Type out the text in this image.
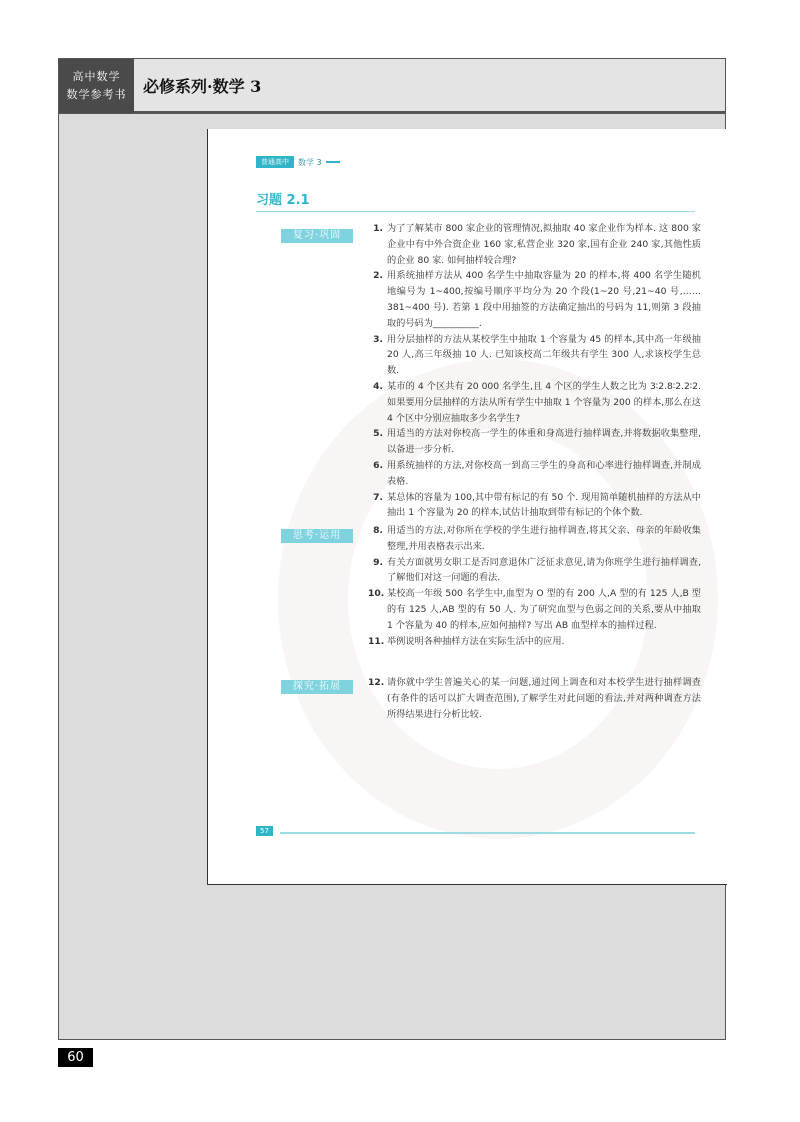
高中数学
数学参考书	必修系列·数学 3
普通高中	数学 3
习题 2.1
复习·巩固
1. 为了了解某市 800 家企业的管理情况,拟抽取 40 家企业作为样本. 这 800 家企业中有中外合资企业 160 家,私营企业 320 家,国有企业 240 家,其他性质的企业 80 家. 如何抽样较合理?
2. 用系统抽样方法从 400 名学生中抽取容量为 20 的样本,将 400 名学生随机地编号为 1~400,按编号顺序平均分为 20 个段(1~20 号,21~40 号,……381~400 号). 若第 1 段中用抽签的方法确定抽出的号码为 11,则第 3 段抽取的号码为__________.
3. 用分层抽样的方法从某校学生中抽取 1 个容量为 45 的样本,其中高一年级抽 20 人,高三年级抽 10 人. 已知该校高二年级共有学生 300 人,求该校学生总数.
4. 某市的 4 个区共有 20 000 名学生,且 4 个区的学生人数之比为 3∶2.8∶2.2∶2. 如果要用分层抽样的方法从所有学生中抽取 1 个容量为 200 的样本,那么在这 4 个区中分别应抽取多少名学生?
5. 用适当的方法对你校高一学生的体重和身高进行抽样调查,并将数据收集整理,以备进一步分析.
6. 用系统抽样的方法,对你校高一到高三学生的身高和心率进行抽样调查,并制成表格.
7. 某总体的容量为 100,其中带有标记的有 50 个. 现用简单随机抽样的方法从中抽出 1 个容量为 20 的样本,试估计抽取到带有标记的个体个数.
思考·运用	8. 用适当的方法,对你所在学校的学生进行抽样调查,将其父亲、母亲的年龄收集整理,并用表格表示出来.
9. 有关方面就男女职工是否同意退休广泛征求意见,请为你班学生进行抽样调查,了解他们对这一问题的看法.
10. 某校高一年级 500 名学生中,血型为 O 型的有 200 人,A 型的有 125 人,B 型的有 125 人,AB 型的有 50 人. 为了研究血型与色弱之间的关系,要从中抽取 1 个容量为 40 的样本,应如何抽样? 写出 AB 血型样本的抽样过程.
11. 举例说明各种抽样方法在实际生活中的应用.
探究·拓展	12. 请你就中学生普遍关心的某一问题,通过网上调查和对本校学生进行抽样调查(有条件的话可以扩大调查范围),了解学生对此问题的看法,并对两种调查方法所得结果进行分析比较.
57
60
